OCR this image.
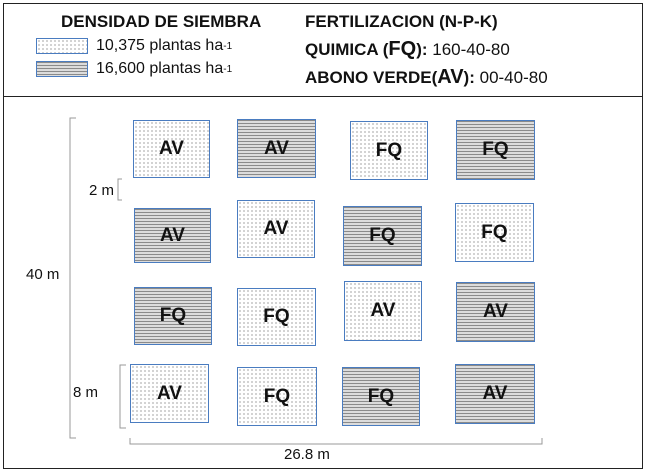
DENSIDAD DE SIEMBRA
10,375
plantas ha -1
16,600
plantas ha -1
FERTILIZACION (N-P-K)
QUIMICA (FQ): 160-40-80
ABONO VERDE(AV): 00-40-80
40 m
2 m
8 m
26.8 m
AV	AV	FQ	FQ
AV	AV	FQ	FQ
FQ	FQ	AV	AV
AV	FQ	FQ	AV
